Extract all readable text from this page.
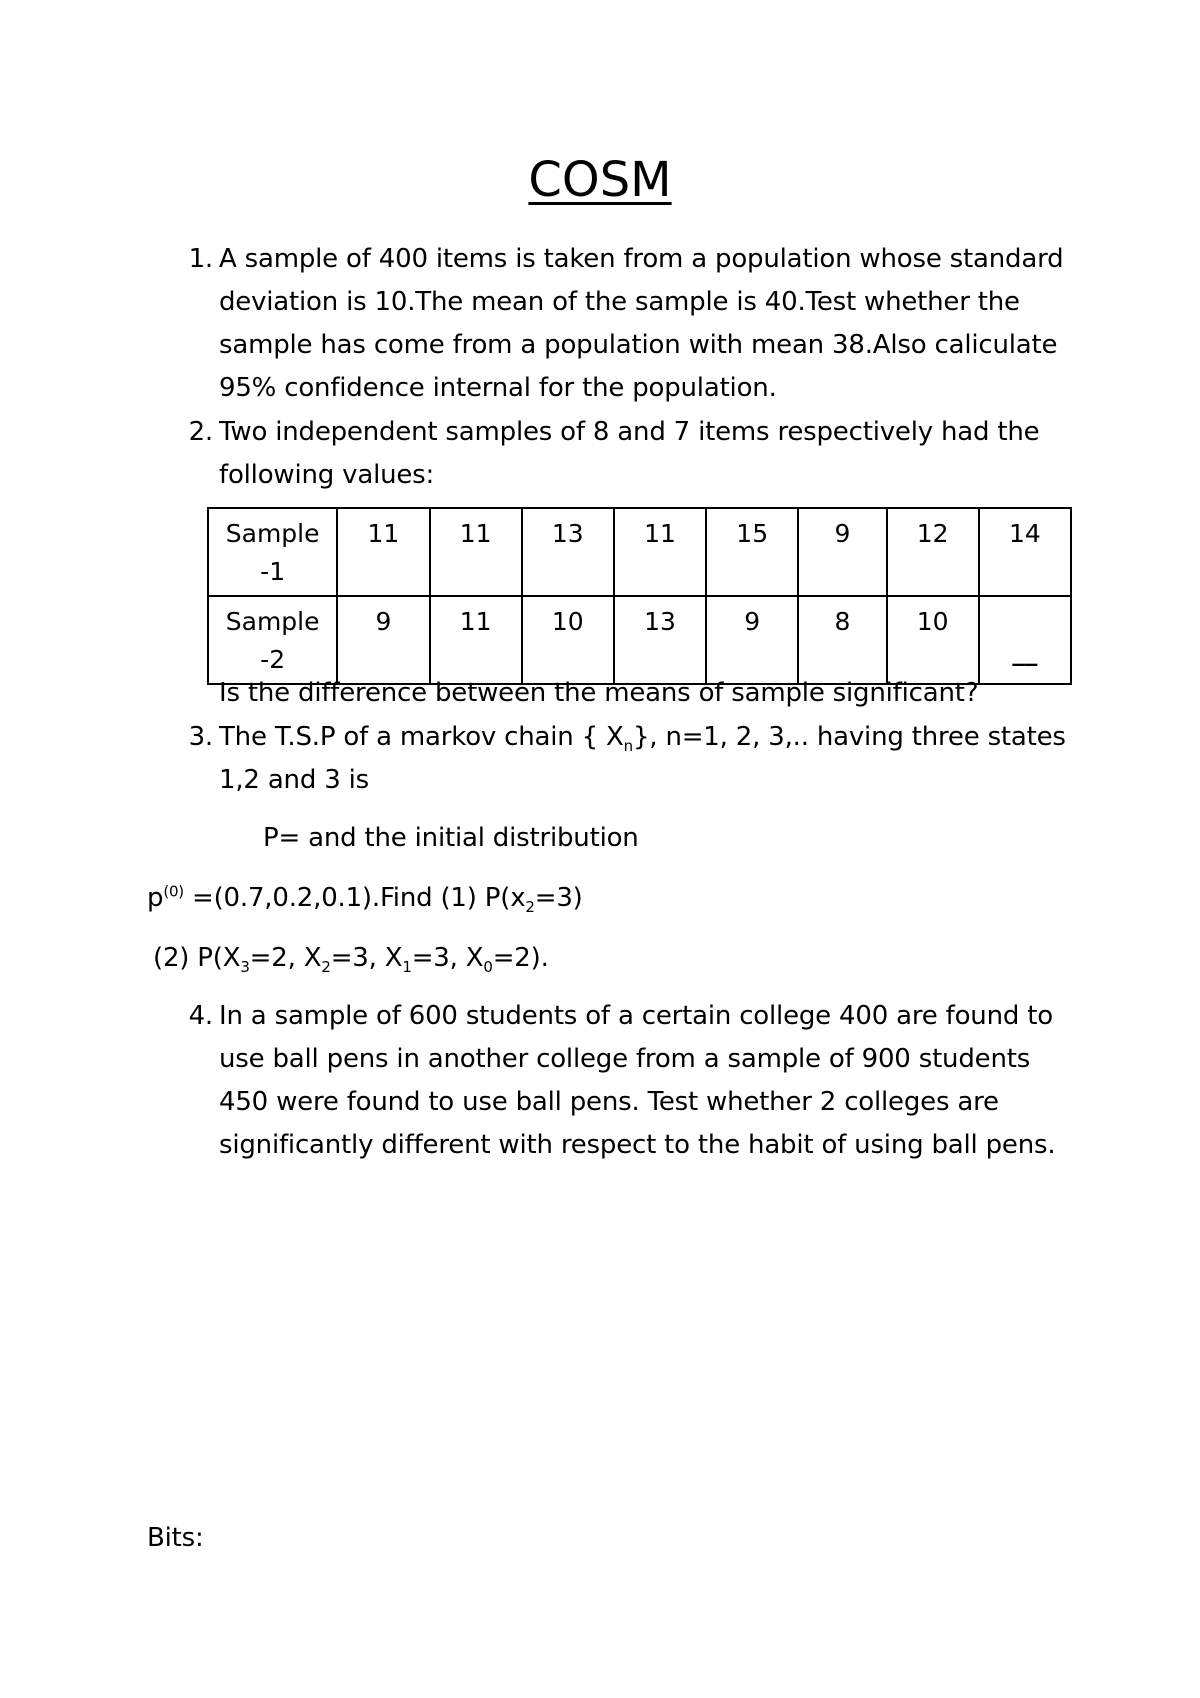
COSM
1. A sample of 400 items is taken from a population whose standard deviation is 10.The mean of the sample is 40.Test whether the sample has come from a population with mean 38.Also caliculate 95% confidence internal for the population.
2. Two independent samples of 8 and 7 items respectively had the following values:
Sample
-1	11	11	13	11	15	9	12	14
Sample
-2	9	11	10	13	9	8	10	__
Is the difference between the means of sample significant?
3. The T.S.P of a markov chain { $X_n$}, n=1, 2, 3,.. having three states 1,2 and 3 is
P= and the initial distribution
$p^{(0)}$ =(0.7,0.2,0.1).Find (1) $P(x_2=3)$
(2) $P(X_3=2$, $X_2=3$, $X_1=3$, $X_0=2$).
4. In a sample of 600 students of a certain college 400 are found to use ball pens in another college from a sample of 900 students 450 were found to use ball pens. Test whether 2 colleges are significantly different with respect to the habit of using ball pens.
Bits:
